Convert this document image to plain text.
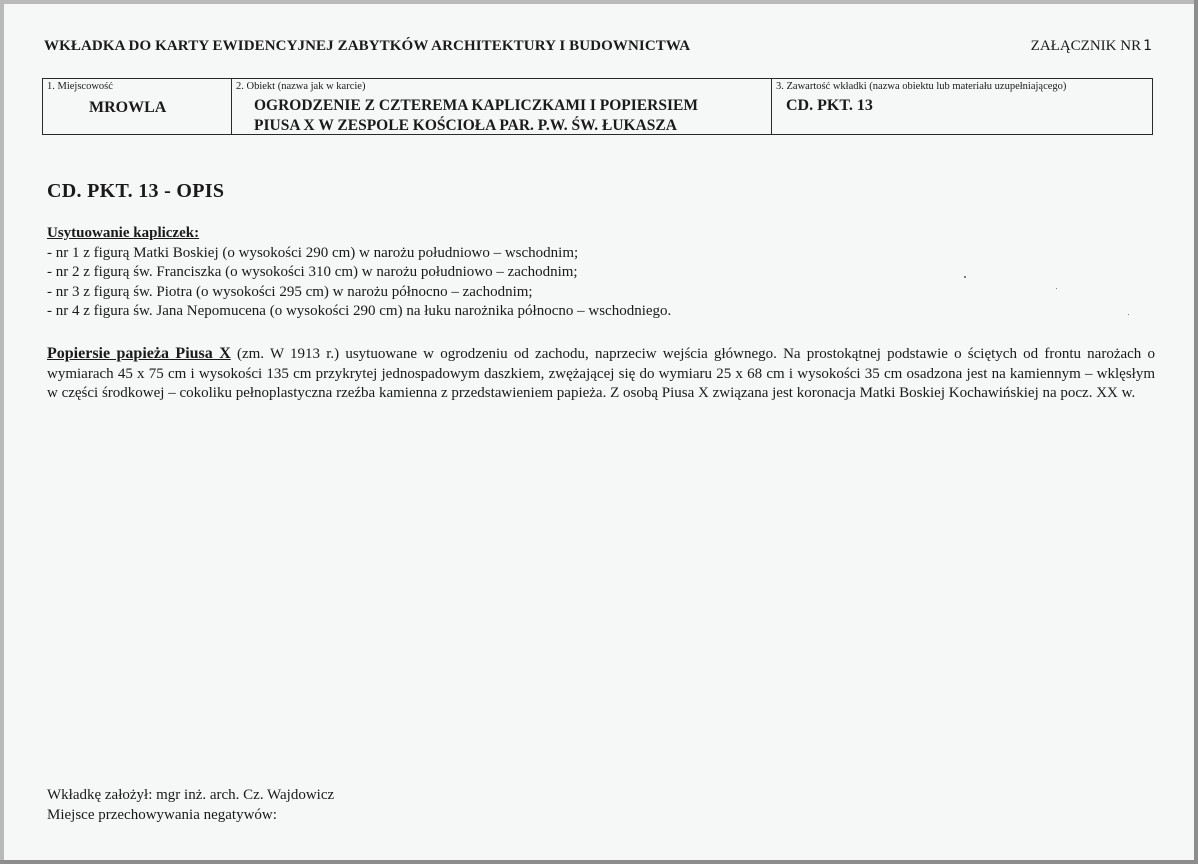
WKŁADKA DO KARTY EWIDENCYJNEJ ZABYTKÓW ARCHITEKTURY I BUDOWNICTWA	ZAŁĄCZNIK NR 1
1. Miejscowość
MROWLA
2. Obiekt (nazwa jak w karcie)
OGRODZENIE Z CZTEREMA KAPLICZKAMI I POPIERSIEM
PIUSA X W ZESPOLE KOŚCIOŁA PAR. P.W. ŚW. ŁUKASZA
3. Zawartość wkładki (nazwa obiektu lub materiału uzupełniającego)
CD. PKT. 13
CD. PKT. 13 - OPIS
Usytuowanie kapliczek:
- nr 1 z figurą Matki Boskiej (o wysokości 290 cm) w narożu południowo – wschodnim;
- nr 2 z figurą św. Franciszka (o wysokości 310 cm) w narożu południowo – zachodnim;
- nr 3 z figurą św. Piotra (o wysokości 295 cm) w narożu północno – zachodnim;
- nr 4 z figura św. Jana Nepomucena (o wysokości 290 cm) na łuku narożnika północno – wschodniego.
Popiersie papieża Piusa X (zm. W 1913 r.) usytuowane w ogrodzeniu od zachodu, naprzeciw wejścia głównego. Na prostokątnej podstawie o ściętych od frontu narożach o wymiarach 45 x 75 cm i wysokości 135 cm przykrytej jednospadowym daszkiem, zwężającej się do wymiaru 25 x 68 cm i wysokości 35 cm osadzona jest na kamiennym – wklęsłym w części środkowej – cokoliku pełnoplastyczna rzeźba kamienna z przedstawieniem papieża. Z osobą Piusa X związana jest koronacja Matki Boskiej Kochawińskiej na pocz. XX w.
Wkładkę założył: mgr inż. arch. Cz. Wajdowicz
Miejsce przechowywania negatywów:
